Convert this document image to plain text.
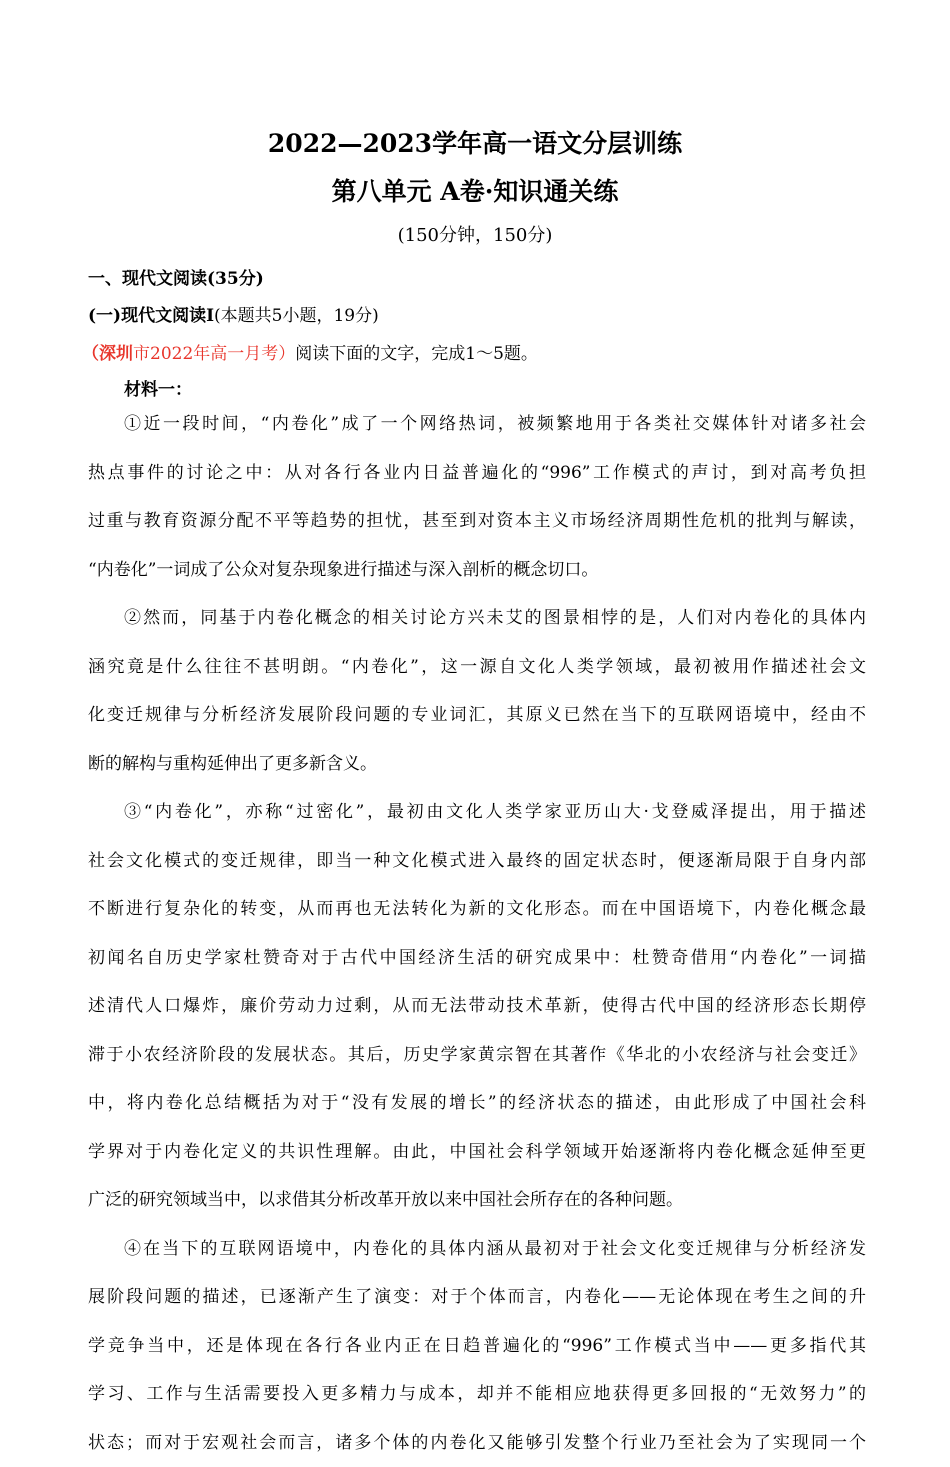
2022—2023学年高一语文分层训练
第八单元 A卷·知识通关练
(150分钟，150分)
一、现代文阅读(35分)
(一)现代文阅读Ⅰ(本题共5小题，19分)
（深圳市2022年高一月考）阅读下面的文字，完成1～5题。
材料一：
①近一段时间，“内卷化”成了一个网络热词，被频繁地用于各类社交媒体针对诸多社会
热点事件的讨论之中：从对各行各业内日益普遍化的“996”工作模式的声讨，到对高考负担
过重与教育资源分配不平等趋势的担忧，甚至到对资本主义市场经济周期性危机的批判与解读，
“内卷化”一词成了公众对复杂现象进行描述与深入剖析的概念切口。
②然而，同基于内卷化概念的相关讨论方兴未艾的图景相悖的是，人们对内卷化的具体内
涵究竟是什么往往不甚明朗。“内卷化”，这一源自文化人类学领域，最初被用作描述社会文
化变迁规律与分析经济发展阶段问题的专业词汇，其原义已然在当下的互联网语境中，经由不
断的解构与重构延伸出了更多新含义。
③“内卷化”，亦称“过密化”，最初由文化人类学家亚历山大·戈登威泽提出，用于描述
社会文化模式的变迁规律，即当一种文化模式进入最终的固定状态时，便逐渐局限于自身内部
不断进行复杂化的转变，从而再也无法转化为新的文化形态。而在中国语境下，内卷化概念最
初闻名自历史学家杜赞奇对于古代中国经济生活的研究成果中：杜赞奇借用“内卷化”一词描
述清代人口爆炸，廉价劳动力过剩，从而无法带动技术革新，使得古代中国的经济形态长期停
滞于小农经济阶段的发展状态。其后，历史学家黄宗智在其著作《华北的小农经济与社会变迁》
中，将内卷化总结概括为对于“没有发展的增长”的经济状态的描述，由此形成了中国社会科
学界对于内卷化定义的共识性理解。由此，中国社会科学领域开始逐渐将内卷化概念延伸至更
广泛的研究领域当中，以求借其分析改革开放以来中国社会所存在的各种问题。
④在当下的互联网语境中，内卷化的具体内涵从最初对于社会文化变迁规律与分析经济发
展阶段问题的描述，已逐渐产生了演变：对于个体而言，内卷化——无论体现在考生之间的升
学竞争当中，还是体现在各行各业内正在日趋普遍化的“996”工作模式当中——更多指代其
学习、工作与生活需要投入更多精力与成本，却并不能相应地获得更多回报的“无效努力”的
状态；而对于宏观社会而言，诸多个体的内卷化又能够引发整个行业乃至社会为了实现同一个
